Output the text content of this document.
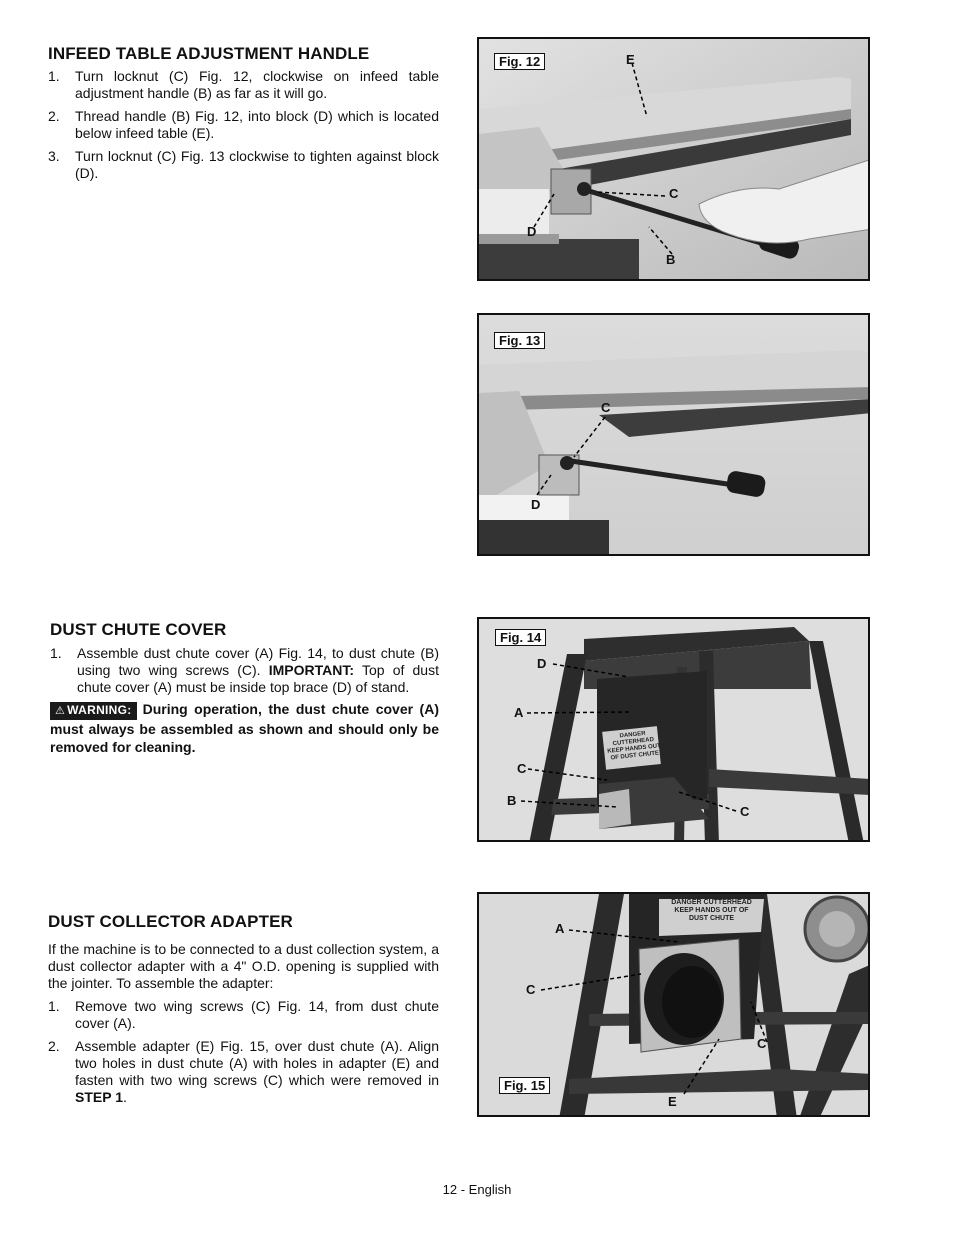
INFEED TABLE ADJUSTMENT HANDLE
1. Turn locknut (C) Fig. 12, clockwise on infeed table adjustment handle (B) as far as it will go.
2. Thread handle (B) Fig. 12, into block (D) which is located below infeed table (E).
3. Turn locknut (C) Fig. 13 clockwise to tighten against block (D).
DUST CHUTE COVER
1. Assemble dust chute cover (A) Fig. 14, to dust chute (B) using two wing screws (C). IMPORTANT: Top of dust chute cover (A) must be inside top brace (D) of stand.
⚠ WARNING: During operation, the dust chute cover (A) must always be assembled as shown and should only be removed for cleaning.
DUST COLLECTOR ADAPTER

If the machine is to be connected to a dust collection system, a dust collector adapter with a 4" O.D. opening is supplied with the jointer. To assemble the adapter:

1. Remove two wing screws (C) Fig. 14, from dust chute cover (A).
2. Assemble adapter (E) Fig. 15, over dust chute (A). Align two holes in dust chute (A) with holes in adapter (E) and fasten with two wing screws (C) which were removed in STEP 1.
Fig. 12	E
C
D
B
Fig. 13
C
D
DANGER CUTTERHEAD KEEP HANDS OUT OF DUST CHUTE
Fig. 14
D
A
C
B
C
DANGER CUTTERHEAD KEEP HANDS OUT OF DUST CHUTE
Fig. 15
A
C
C
E
12 - English
